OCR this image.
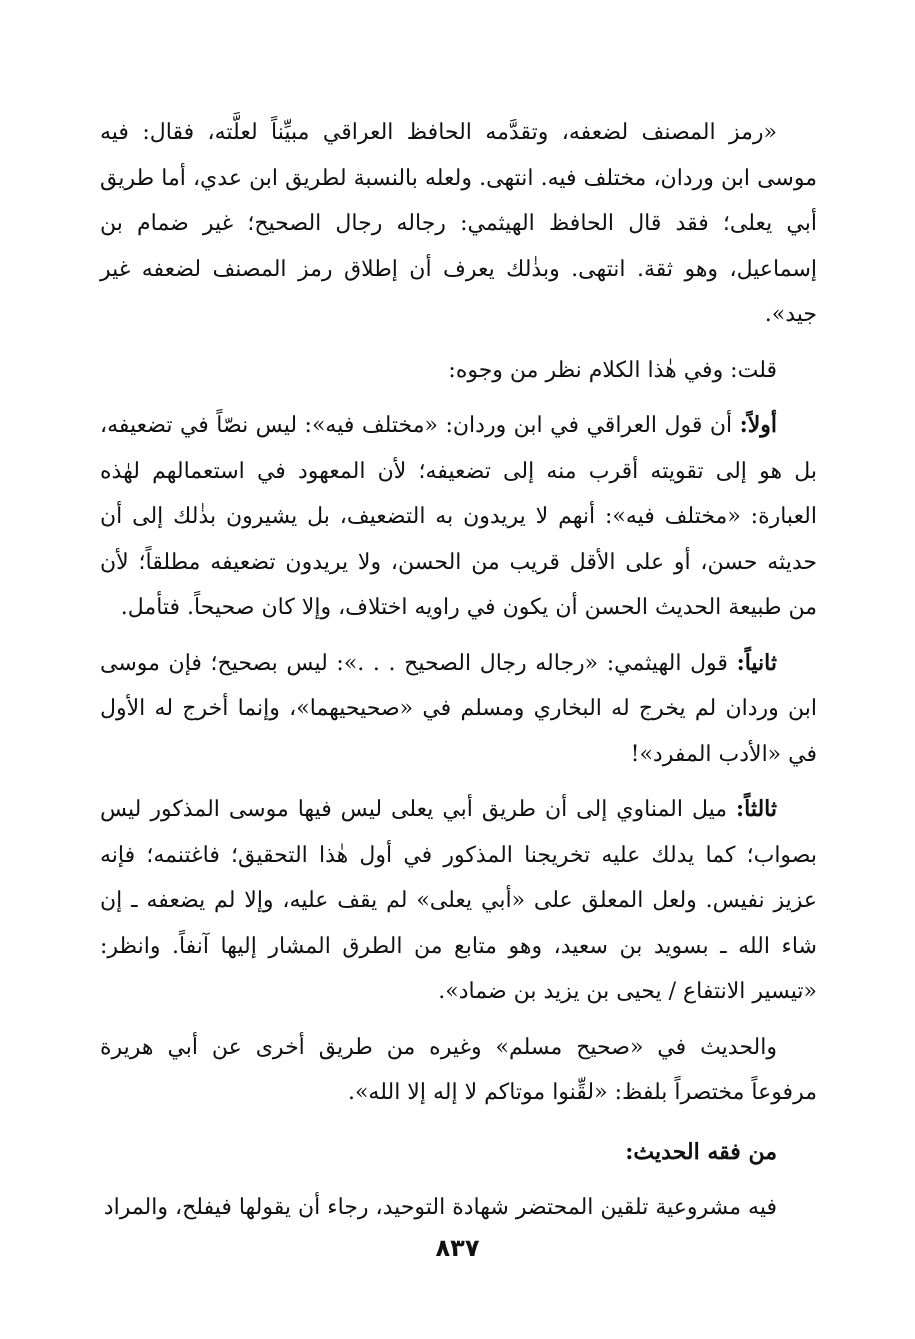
«رمز المصنف لضعفه، وتقدَّمه الحافظ العراقي مبيِّناً لعلَّته، فقال: فيه موسى ابن وردان، مختلف فيه. انتهى. ولعله بالنسبة لطريق ابن عدي، أما طريق أبي يعلى؛ فقد قال الحافظ الهيثمي: رجاله رجال الصحيح؛ غير ضمام بن إسماعيل، وهو ثقة. انتهى. وبذٰلك يعرف أن إطلاق رمز المصنف لضعفه غير جيد».

قلت: وفي هٰذا الكلام نظر من وجوه:

أولاً: أن قول العراقي في ابن وردان: «مختلف فيه»: ليس نصّاً في تضعيفه، بل هو إلى تقويته أقرب منه إلى تضعيفه؛ لأن المعهود في استعمالهم لهٰذه العبارة: «مختلف فيه»: أنهم لا يريدون به التضعيف، بل يشيرون بذٰلك إلى أن حديثه حسن، أو على الأقل قريب من الحسن، ولا يريدون تضعيفه مطلقاً؛ لأن من طبيعة الحديث الحسن أن يكون في راويه اختلاف، وإلا كان صحيحاً. فتأمل.

ثانياً: قول الهيثمي: «رجاله رجال الصحيح . . .»: ليس بصحيح؛ فإن موسى ابن وردان لم يخرج له البخاري ومسلم في «صحيحيهما»، وإنما أخرج له الأول في «الأدب المفرد»!

ثالثاً: ميل المناوي إلى أن طريق أبي يعلى ليس فيها موسى المذكور ليس بصواب؛ كما يدلك عليه تخريجنا المذكور في أول هٰذا التحقيق؛ فاغتنمه؛ فإنه عزيز نفيس. ولعل المعلق على «أبي يعلى» لم يقف عليه، وإلا لم يضعفه ـ إن شاء الله ـ بسويد بن سعيد، وهو متابع من الطرق المشار إليها آنفاً. وانظر: «تيسير الانتفاع / يحيى بن يزيد بن ضماد».

والحديث في «صحيح مسلم» وغيره من طريق أخرى عن أبي هريرة مرفوعاً مختصراً بلفظ: «لقِّنوا موتاكم لا إله إلا الله».

من فقه الحديث:

فيه مشروعية تلقين المحتضر شهادة التوحيد، رجاء أن يقولها فيفلح، والمراد

٨٣٧
